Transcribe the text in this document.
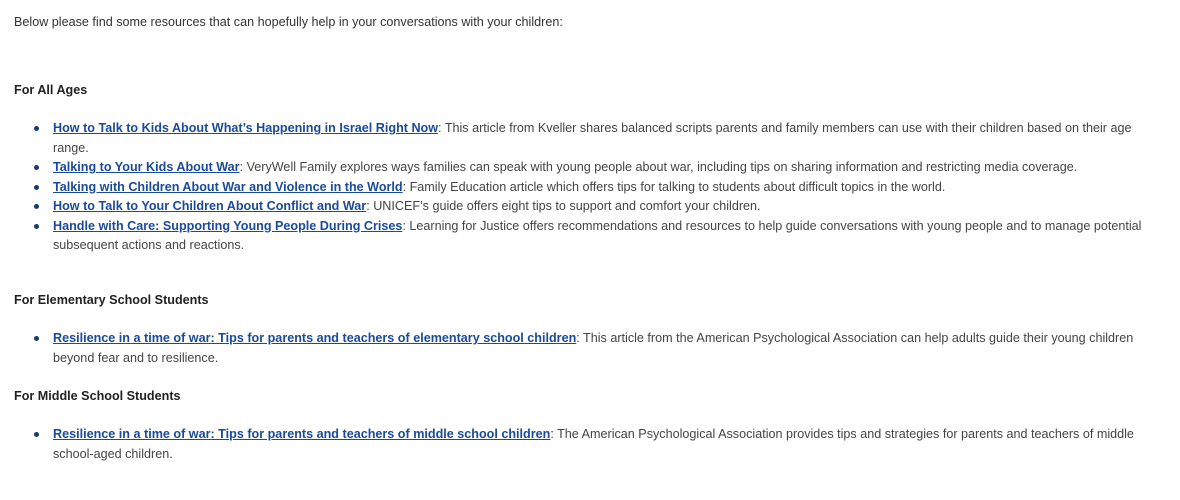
Below please find some resources that can hopefully help in your conversations with your children:

For All Ages
How to Talk to Kids About What’s Happening in Israel Right Now: This article from Kveller shares balanced scripts parents and family members can use with their children based on their age range.
Talking to Your Kids About War: VeryWell Family explores ways families can speak with young people about war, including tips on sharing information and restricting media coverage.
Talking with Children About War and Violence in the World: Family Education article which offers tips for talking to students about difficult topics in the world.
How to Talk to Your Children About Conflict and War: UNICEF’s guide offers eight tips to support and comfort your children.
Handle with Care: Supporting Young People During Crises: Learning for Justice offers recommendations and resources to help guide conversations with young people and to manage potential subsequent actions and reactions.
For Elementary School Students
Resilience in a time of war: Tips for parents and teachers of elementary school children: This article from the American Psychological Association can help adults guide their young children beyond fear and to resilience.
For Middle School Students
Resilience in a time of war: Tips for parents and teachers of middle school children: The American Psychological Association provides tips and strategies for parents and teachers of middle school-aged children.
